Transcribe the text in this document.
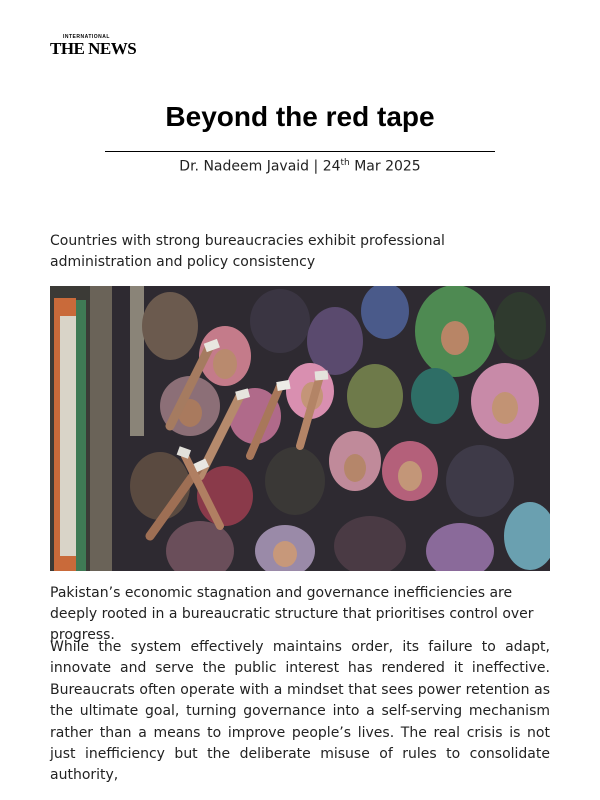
INTERNATIONAL
THE NEWS
Beyond the red tape
Dr. Nadeem Javaid | 24th Mar 2025
Countries with strong bureaucracies exhibit professional administration and policy consistency
Pakistan’s economic stagnation and governance inefficiencies are deeply rooted in a bureaucratic structure that prioritises control over progress.
While the system effectively maintains order, its failure to adapt, innovate and serve the public interest has rendered it ineffective. Bureaucrats often operate with a mindset that sees power retention as the ultimate goal, turning governance into a self-serving mechanism rather than a means to improve people’s lives. The real crisis is not just inefficiency but the deliberate misuse of rules to consolidate authority,
